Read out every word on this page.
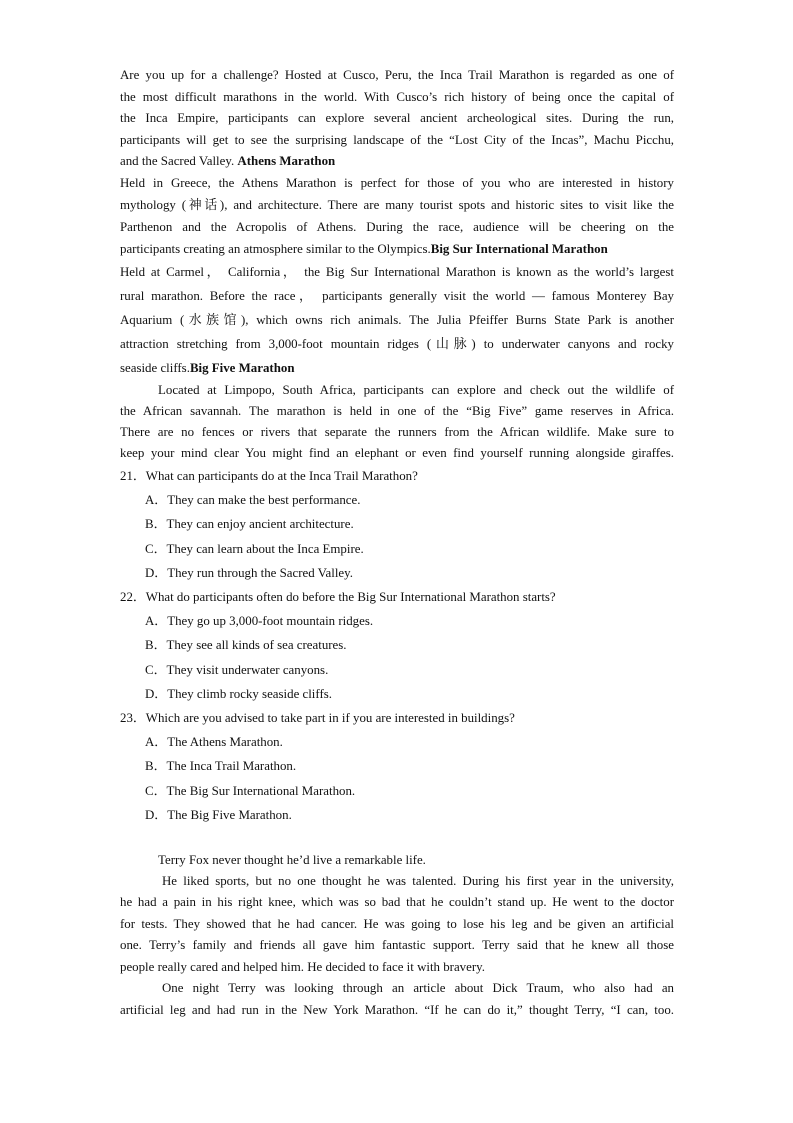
Are you up for a challenge? Hosted at Cusco, Peru, the Inca Trail Marathon is regarded as one of
the most difficult marathons in the world. With Cusco’s rich history of being once the capital of
the Inca Empire, participants can explore several ancient archeological sites. During the run,
participants will get to see the surprising landscape of the “Lost City of the Incas”, Machu Picchu,
and the Sacred Valley. Athens Marathon
Held in Greece, the Athens Marathon is perfect for those of you who are interested in history
mythology (神话), and architecture. There are many tourist spots and historic sites to visit like the
Parthenon and the Acropolis of Athens. During the race, audience will be cheering on the
participants creating an atmosphere similar to the Olympics.Big Sur International Marathon
Held at Carmel， California， the Big Sur International Marathon is known as the world’s largest
rural marathon. Before the race， participants generally visit the world — famous Monterey Bay
Aquarium (水族馆), which owns rich animals. The Julia Pfeiffer Burns State Park is another
attraction stretching from 3,000-foot mountain ridges (山脉) to underwater canyons and rocky
seaside cliffs.Big Five Marathon
Located at Limpopo, South Africa, participants can explore and check out the wildlife of
the African savannah. The marathon is held in one of the “Big Five” game reserves in Africa.
There are no fences or rivers that separate the runners from the African wildlife. Make sure to
keep your mind clear You might find an elephant or even find yourself running alongside giraffes.
21．What can participants do at the Inca Trail Marathon?
A．They can make the best performance.
B．They can enjoy ancient architecture.
C．They can learn about the Inca Empire.
D．They run through the Sacred Valley.
22．What do participants often do before the Big Sur International Marathon starts?
A．They go up 3,000-foot mountain ridges.
B．They see all kinds of sea creatures.
C．They visit underwater canyons.
D．They climb rocky seaside cliffs.
23．Which are you advised to take part in if you are interested in buildings?
A．The Athens Marathon.
B．The Inca Trail Marathon.
C．The Big Sur International Marathon.
D．The Big Five Marathon.
Terry Fox never thought he’d live a remarkable life.
He liked sports, but no one thought he was talented. During his first year in the university,
he had a pain in his right knee, which was so bad that he couldn’t stand up. He went to the doctor
for tests. They showed that he had cancer. He was going to lose his leg and be given an artificial
one. Terry’s family and friends all gave him fantastic support. Terry said that he knew all those
people really cared and helped him. He decided to face it with bravery.
One night Terry was looking through an article about Dick Traum, who also had an
artificial leg and had run in the New York Marathon. “If he can do it,” thought Terry, “I can, too.
